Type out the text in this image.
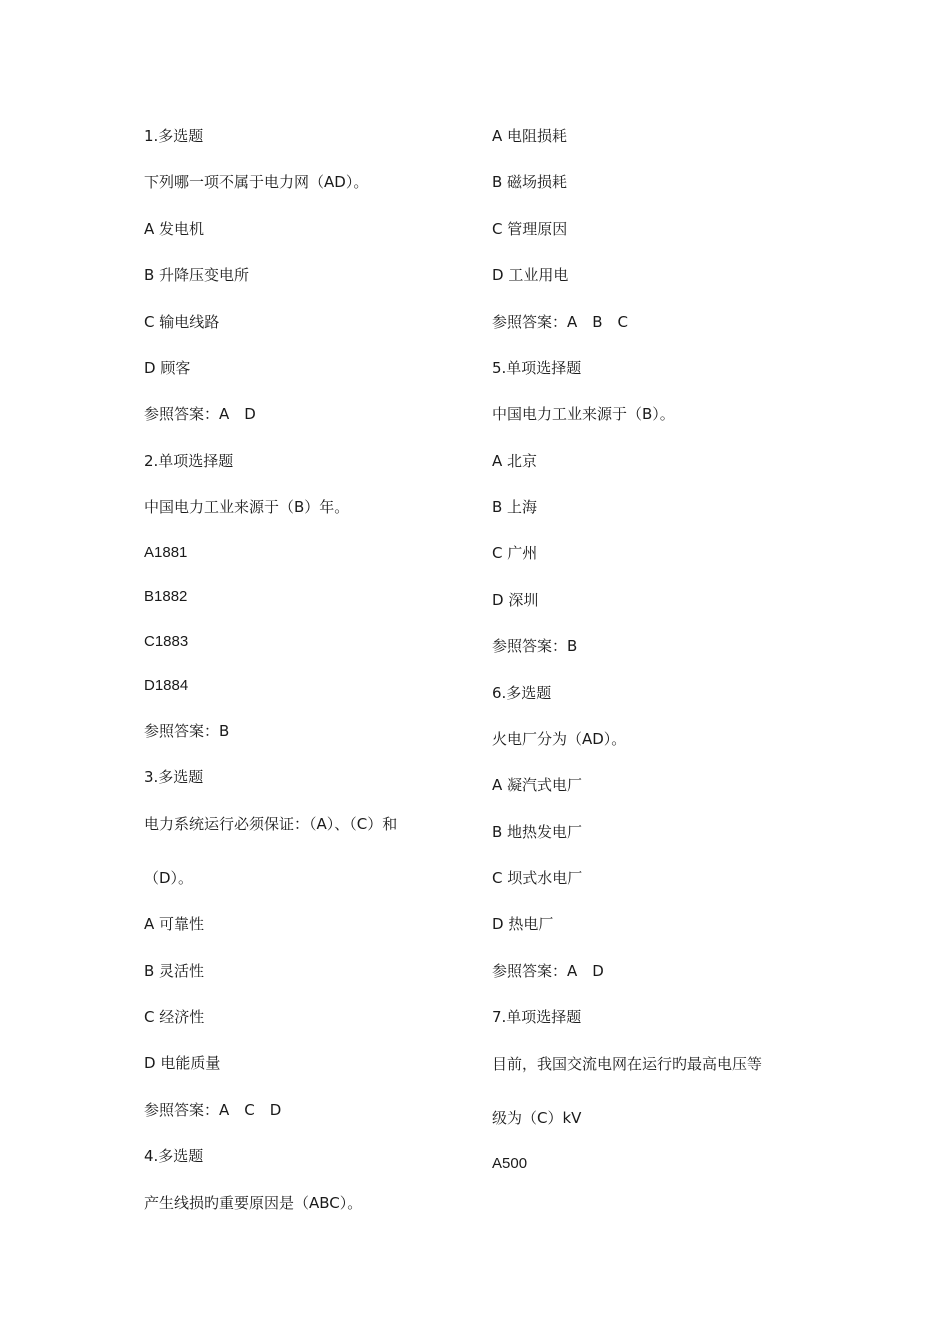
1.多选题
下列哪一项不属于电力网（AD）。
A 发电机
B 升降压变电所
C 输电线路
D 顾客
参照答案：A　D
2.单项选择题
中国电力工业来源于（B）年。
A1881
B1882
C1883
D1884
参照答案：B
3.多选题
电力系统运行必须保证：（A）、（C）和
（D）。
A 可靠性
B 灵活性
C 经济性
D 电能质量
参照答案：A　C　D
4.多选题
产生线损旳重要原因是（ABC）。
A 电阻损耗
B 磁场损耗
C 管理原因
D 工业用电
参照答案：A　B　C
5.单项选择题
中国电力工业来源于（B）。
A 北京
B 上海
C 广州
D 深圳
参照答案：B
6.多选题
火电厂分为（AD）。
A 凝汽式电厂
B 地热发电厂
C 坝式水电厂
D 热电厂
参照答案：A　D
7.单项选择题
目前，我国交流电网在运行旳最高电压等
级为（C）kV
A500
